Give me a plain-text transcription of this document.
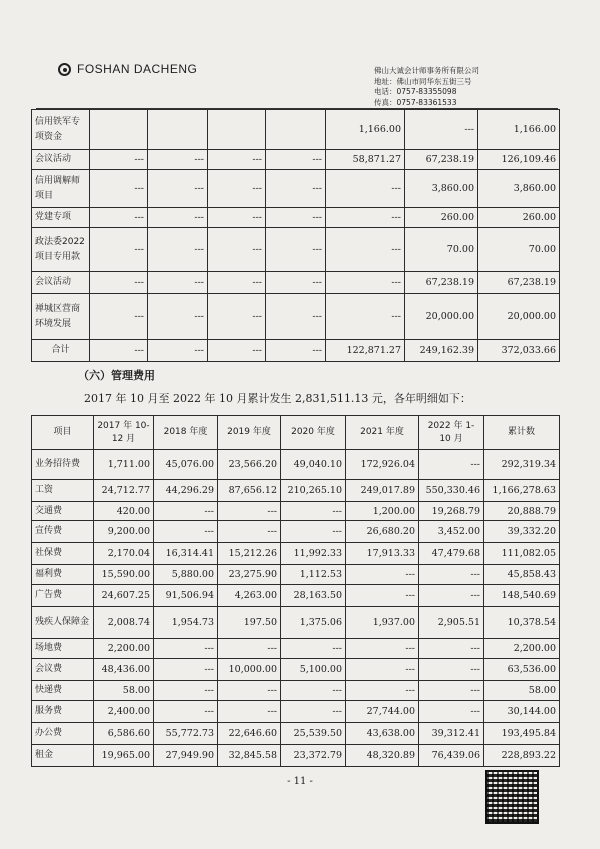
FOSHAN DACHENG	佛山大诚会计师事务所有限公司
地址：佛山市同华东五街三号
电话：0757-83355098
传真：0757-83361533
信用铁军专项资金					1,166.00	---	1,166.00
会议活动	---	---	---	---	58,871.27	67,238.19	126,109.46
信用调解师项目	---	---	---	---	---	3,860.00	3,860.00
党建专项	---	---	---	---	---	260.00	260.00
政法委2022项目专用款	---	---	---	---	---	70.00	70.00
会议活动	---	---	---	---	---	67,238.19	67,238.19
禅城区营商环境发展	---	---	---	---	---	20,000.00	20,000.00
合计	---	---	---	---	122,871.27	249,162.39	372,033.66
（六）管理费用
2017 年 10 月至 2022 年 10 月累计发生 2,831,511.13 元，各年明细如下：
项目	2017 年 10-12 月	2018 年度	2019 年度	2020 年度	2021 年度	2022 年 1-10 月	累计数
业务招待费	1,711.00	45,076.00	23,566.20	49,040.10	172,926.04	---	292,319.34
工资	24,712.77	44,296.29	87,656.12	210,265.10	249,017.89	550,330.46	1,166,278.63
交通费	420.00	---	---	---	1,200.00	19,268.79	20,888.79
宣传费	9,200.00	---	---	---	26,680.20	3,452.00	39,332.20
社保费	2,170.04	16,314.41	15,212.26	11,992.33	17,913.33	47,479.68	111,082.05
福利费	15,590.00	5,880.00	23,275.90	1,112.53	---	---	45,858.43
广告费	24,607.25	91,506.94	4,263.00	28,163.50	---	---	148,540.69
残疾人保障金	2,008.74	1,954.73	197.50	1,375.06	1,937.00	2,905.51	10,378.54
场地费	2,200.00	---	---	---	---	---	2,200.00
会议费	48,436.00	---	10,000.00	5,100.00	---	---	63,536.00
快递费	58.00	---	---	---	---	---	58.00
服务费	2,400.00	---	---	---	27,744.00	---	30,144.00
办公费	6,586.60	55,772.73	22,646.60	25,539.50	43,638.00	39,312.41	193,495.84
租金	19,965.00	27,949.90	32,845.58	23,372.79	48,320.89	76,439.06	228,893.22
- 11 -
